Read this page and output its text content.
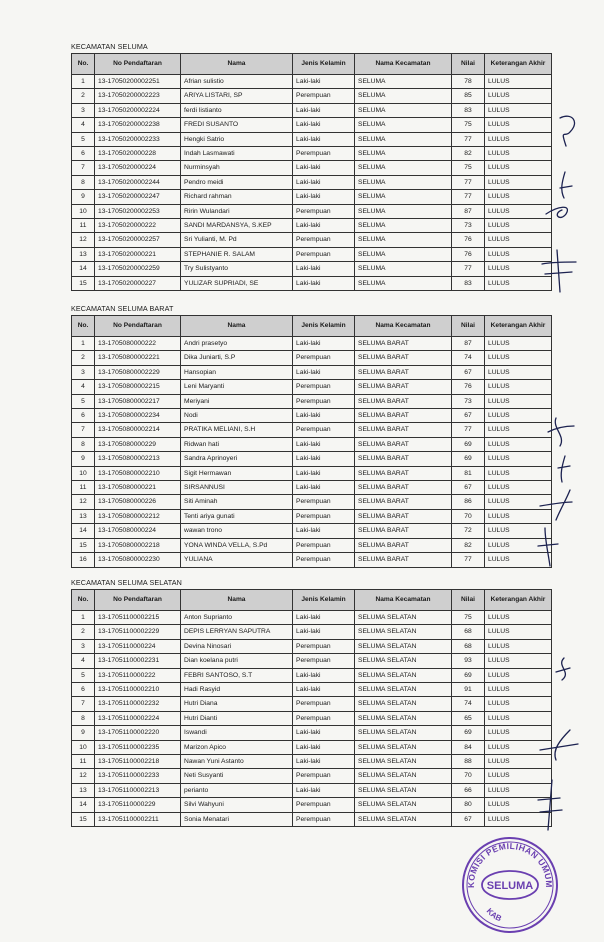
KECAMATAN SELUMA
No.	No Pendaftaran	Nama	Jenis Kelamin	Nama Kecamatan	Nilai	Keterangan Akhir
1	13-17050200002251	Afrian sulistio	Laki-laki	SELUMA	78	LULUS
2	13-17050200002223	ARIYA LISTARI, SP	Perempuan	SELUMA	85	LULUS
3	13-17050200002224	ferdi listianto	Laki-laki	SELUMA	83	LULUS
4	13-17050200002238	FREDI SUSANTO	Laki-laki	SELUMA	75	LULUS
5	13-17050200002233	Hengki Satrio	Laki-laki	SELUMA	77	LULUS
6	13-1705020000228	Indah Lasmawati	Perempuan	SELUMA	82	LULUS
7	13-1705020000224	Nurminsyah	Laki-laki	SELUMA	75	LULUS
8	13-17050200002244	Pendro meidi	Laki-laki	SELUMA	77	LULUS
9	13-17050200002247	Richard rahman	Laki-laki	SELUMA	77	LULUS
10	13-17050200002253	Ririn Wulandari	Perempuan	SELUMA	87	LULUS
11	13-1705020000222	SANDI MARDANSYA, S.KEP	Laki-laki	SELUMA	73	LULUS
12	13-17050200002257	Sri Yulianti, M. Pd	Perempuan	SELUMA	76	LULUS
13	13-1705020000221	STEPHANIE R. SALAM	Perempuan	SELUMA	76	LULUS
14	13-17050200002259	Try Sulistyanto	Laki-laki	SELUMA	77	LULUS
15	13-1705020000227	YULIZAR SUPRIADI, SE	Laki-laki	SELUMA	83	LULUS
KECAMATAN SELUMA BARAT
No.	No Pendaftaran	Nama	Jenis Kelamin	Nama Kecamatan	Nilai	Keterangan Akhir
1	13-1705080000222	Andri prasetyo	Laki-laki	SELUMA BARAT	87	LULUS
2	13-17050800002221	Dika Juniarti, S.P	Perempuan	SELUMA BARAT	74	LULUS
3	13-17050800002229	Hansopian	Laki-laki	SELUMA BARAT	67	LULUS
4	13-17050800002215	Leni Maryanti	Perempuan	SELUMA BARAT	76	LULUS
5	13-17050800002217	Meriyani	Perempuan	SELUMA BARAT	73	LULUS
6	13-17050800002234	Nodi	Laki-laki	SELUMA BARAT	67	LULUS
7	13-17050800002214	PRATIKA MELIANI, S.H	Perempuan	SELUMA BARAT	77	LULUS
8	13-1705080000229	Ridwan hati	Laki-laki	SELUMA BARAT	69	LULUS
9	13-17050800002213	Sandra Aprinoyeri	Laki-laki	SELUMA BARAT	69	LULUS
10	13-17050800002210	Sigit Hermawan	Laki-laki	SELUMA BARAT	81	LULUS
11	13-1705080000221	SIRSANNUSI	Laki-laki	SELUMA BARAT	67	LULUS
12	13-1705080000226	Siti Aminah	Perempuan	SELUMA BARAT	86	LULUS
13	13-17050800002212	Tenti ariya gunati	Perempuan	SELUMA BARAT	70	LULUS
14	13-1705080000224	wawan trono	Laki-laki	SELUMA BARAT	72	LULUS
15	13-17050800002218	YONA WINDA VELLA, S.Pd	Perempuan	SELUMA BARAT	82	LULUS
16	13-17050800002230	YULIANA	Perempuan	SELUMA BARAT	77	LULUS
KECAMATAN SELUMA SELATAN
No.	No Pendaftaran	Nama	Jenis Kelamin	Nama Kecamatan	Nilai	Keterangan Akhir
1	13-17051100002215	Anton Suprianto	Laki-laki	SELUMA SELATAN	75	LULUS
2	13-17051100002229	DEPIS LERRYAN SAPUTRA	Laki-laki	SELUMA SELATAN	68	LULUS
3	13-1705110000224	Devina Ninosari	Perempuan	SELUMA SELATAN	68	LULUS
4	13-17051100002231	Dian koelana putri	Perempuan	SELUMA SELATAN	93	LULUS
5	13-1705110000222	FEBRI SANTOSO, S.T	Laki-laki	SELUMA SELATAN	69	LULUS
6	13-17051100002210	Hadi Rasyid	Laki-laki	SELUMA SELATAN	91	LULUS
7	13-17051100002232	Hutri Diana	Perempuan	SELUMA SELATAN	74	LULUS
8	13-17051100002224	Hutri Dianti	Perempuan	SELUMA SELATAN	65	LULUS
9	13-17051100002220	Iswandi	Laki-laki	SELUMA SELATAN	69	LULUS
10	13-17051100002235	Marizon Apico	Laki-laki	SELUMA SELATAN	84	LULUS
11	13-17051100002218	Nawan Yuni Astanto	Laki-laki	SELUMA SELATAN	88	LULUS
12	13-17051100002233	Neti Susyanti	Perempuan	SELUMA SELATAN	70	LULUS
13	13-17051100002213	perianto	Laki-laki	SELUMA SELATAN	66	LULUS
14	13-1705110000229	Silvi Wahyuni	Perempuan	SELUMA SELATAN	80	LULUS
15	13-17051100002211	Sonia Menatari	Perempuan	SELUMA SELATAN	67	LULUS
KOMISI PEMILIHAN UMUM
SELUMA
KAB
